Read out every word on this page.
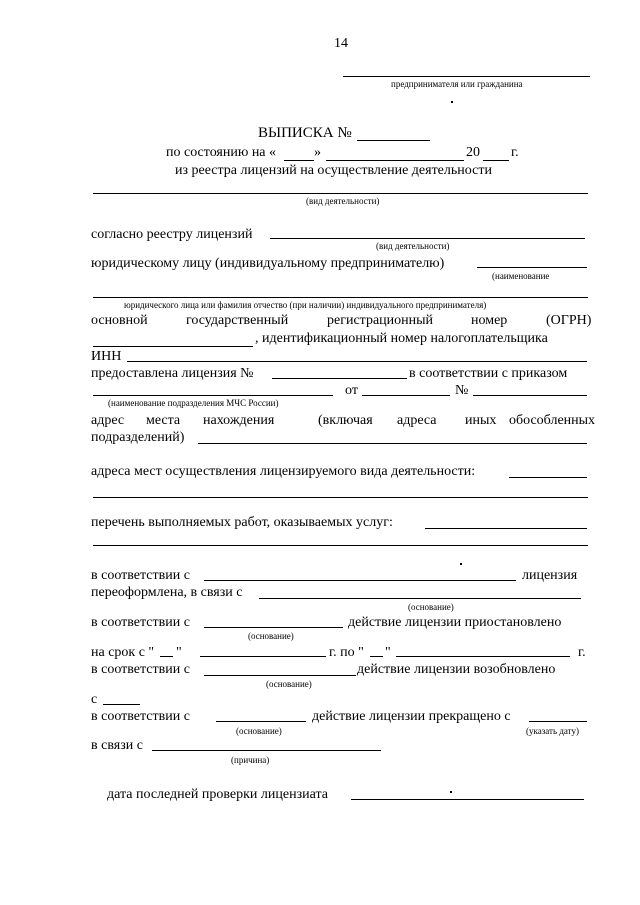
14
предпринимателя или гражданина
ВЫПИСКА №
по состоянию на «	»	20 г.
из реестра лицензий на осуществление деятельности
(вид деятельности)
согласно реестру лицензий
(вид деятельности)
юридическому лицу (индивидуальному предпринимателю)
(наименование
юридического лица или фамилия отчество (при наличии) индивидуального предпринимателя)
основной	государственный	регистрационный	номер	(ОГРН)
, идентификационный номер налогоплательщика
ИНН
предоставлена лицензия №	в соответствии с приказом
от	№
(наименование подразделения МЧС России)
адрес места нахождения	(включая адреса иных обособленных
подразделений)
адреса мест осуществления лицензируемого вида деятельности:
перечень выполняемых работ, оказываемых услуг:
в соответствии с	лицензия
переоформлена, в связи с
(основание)
в соответствии с	действие лицензии приостановлено
(основание)
на срок с " "	г. по " "	г.
в соответствии с	действие лицензии возобновлено
(основание)
с
в соответствии с	действие лицензии прекращено с
(основание)	(указать дату)
в связи с
(причина)
дата последней проверки лицензиата
